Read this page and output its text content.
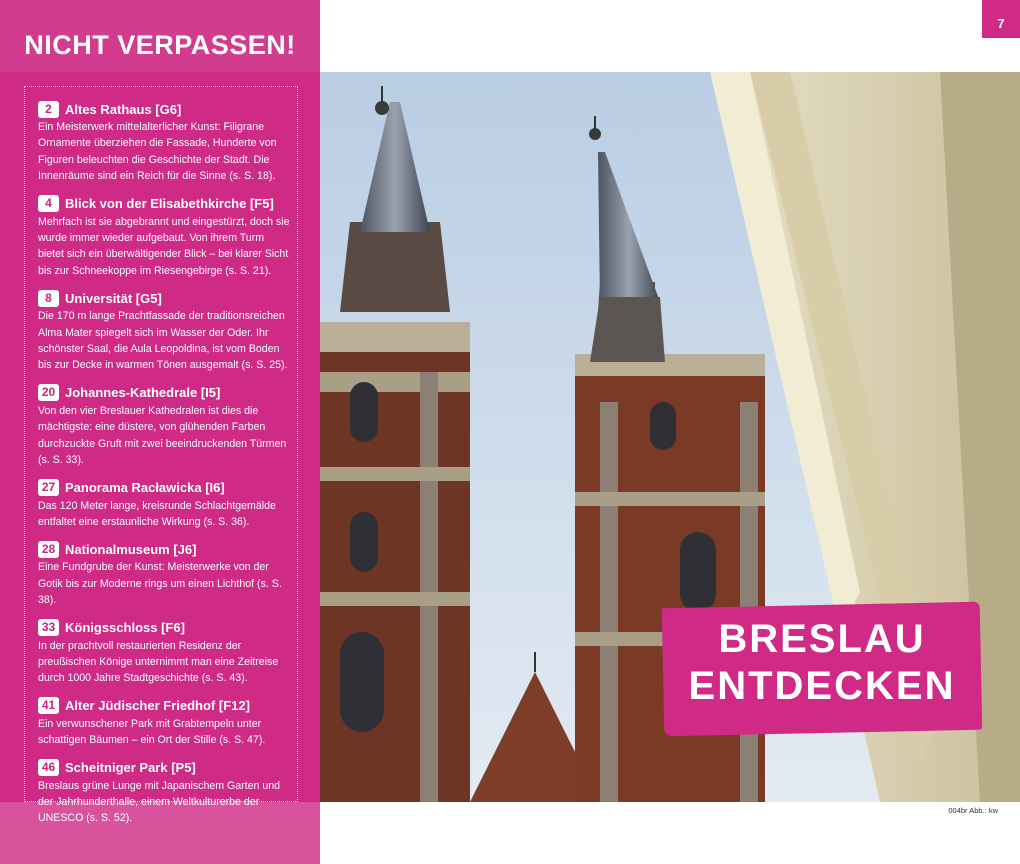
NICHT VERPASSEN!
2	Altes Rathaus [G6]
Ein Meisterwerk mittelalterlicher Kunst: Filigrane Ornamente überziehen die Fassade, Hunderte von Figuren beleuchten die Geschichte der Stadt. Die Innenräume sind ein Reich für die Sinne (s. S. 18).
4	Blick von der Elisabethkirche [F5]
Mehrfach ist sie abgebrannt und eingestürzt, doch sie wurde immer wieder aufgebaut. Von ihrem Turm bietet sich ein überwältigender Blick – bei klarer Sicht bis zur Schneekoppe im Riesengebirge (s. S. 21).
8	Universität [G5]
Die 170 m lange Prachtfassade der traditionsreichen Alma Mater spiegelt sich im Wasser der Oder. Ihr schönster Saal, die Aula Leopoldina, ist vom Boden bis zur Decke in warmen Tönen ausgemalt (s. S. 25).
20 Johannes-Kathedrale [I5]
Von den vier Breslauer Kathedralen ist dies die mächtigste: eine düstere, von glühenden Farben durchzuckte Gruft mit zwei beeindruckenden Türmen (s. S. 33).
27 Panorama Racławicka [I6]
Das 120 Meter lange, kreisrunde Schlachtgemälde entfaltet eine erstaunliche Wirkung (s. S. 36).
28 Nationalmuseum [J6]
Eine Fundgrube der Kunst: Meisterwerke von der Gotik bis zur Moderne rings um einen Lichthof (s. S. 38).
33 Königsschloss [F6]
In der prachtvoll restaurierten Residenz der preußischen Könige unternimmt man eine Zeitreise durch 1000 Jahre Stadtgeschichte (s. S. 43).
41 Alter Jüdischer Friedhof [F12]
Ein verwunschener Park mit Grabtempeln unter schattigen Bäumen – ein Ort der Stille (s. S. 47).
46 Scheitniger Park [P5]
Breslaus grüne Lunge mit Japanischem Garten und der Jahrhunderthalle, einem Weltkulturerbe der UNESCO (s. S. 52).
7
BRESLAU
ENTDECKEN
004br Abb.: kw
